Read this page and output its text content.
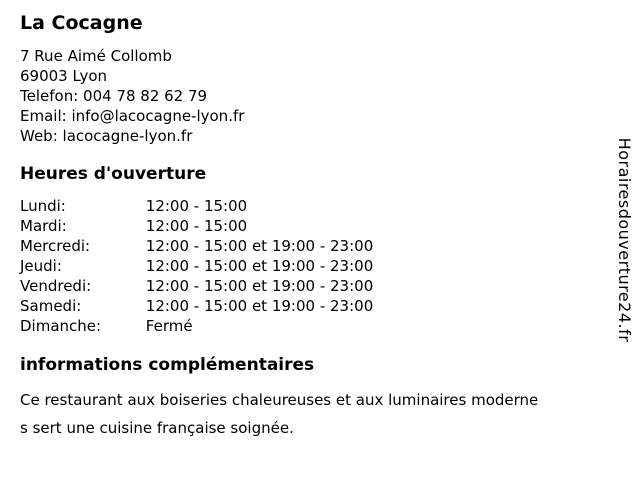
La Cocagne
7 Rue Aimé Collomb
69003 Lyon
Telefon: 004 78 82 62 79
Email: info@lacocagne-lyon.fr
Web: lacocagne-lyon.fr
Heures d'ouverture
Lundi:	12:00 - 15:00
Mardi:	12:00 - 15:00
Mercredi:	12:00 - 15:00 et 19:00 - 23:00
Jeudi:	12:00 - 15:00 et 19:00 - 23:00
Vendredi:	12:00 - 15:00 et 19:00 - 23:00
Samedi:	12:00 - 15:00 et 19:00 - 23:00
Dimanche:	Fermé
informations complémentaires

Ce restaurant aux boiseries chaleureuses et aux luminaires moderne
s sert une cuisine française soignée.

Horairesdouverture24.fr
